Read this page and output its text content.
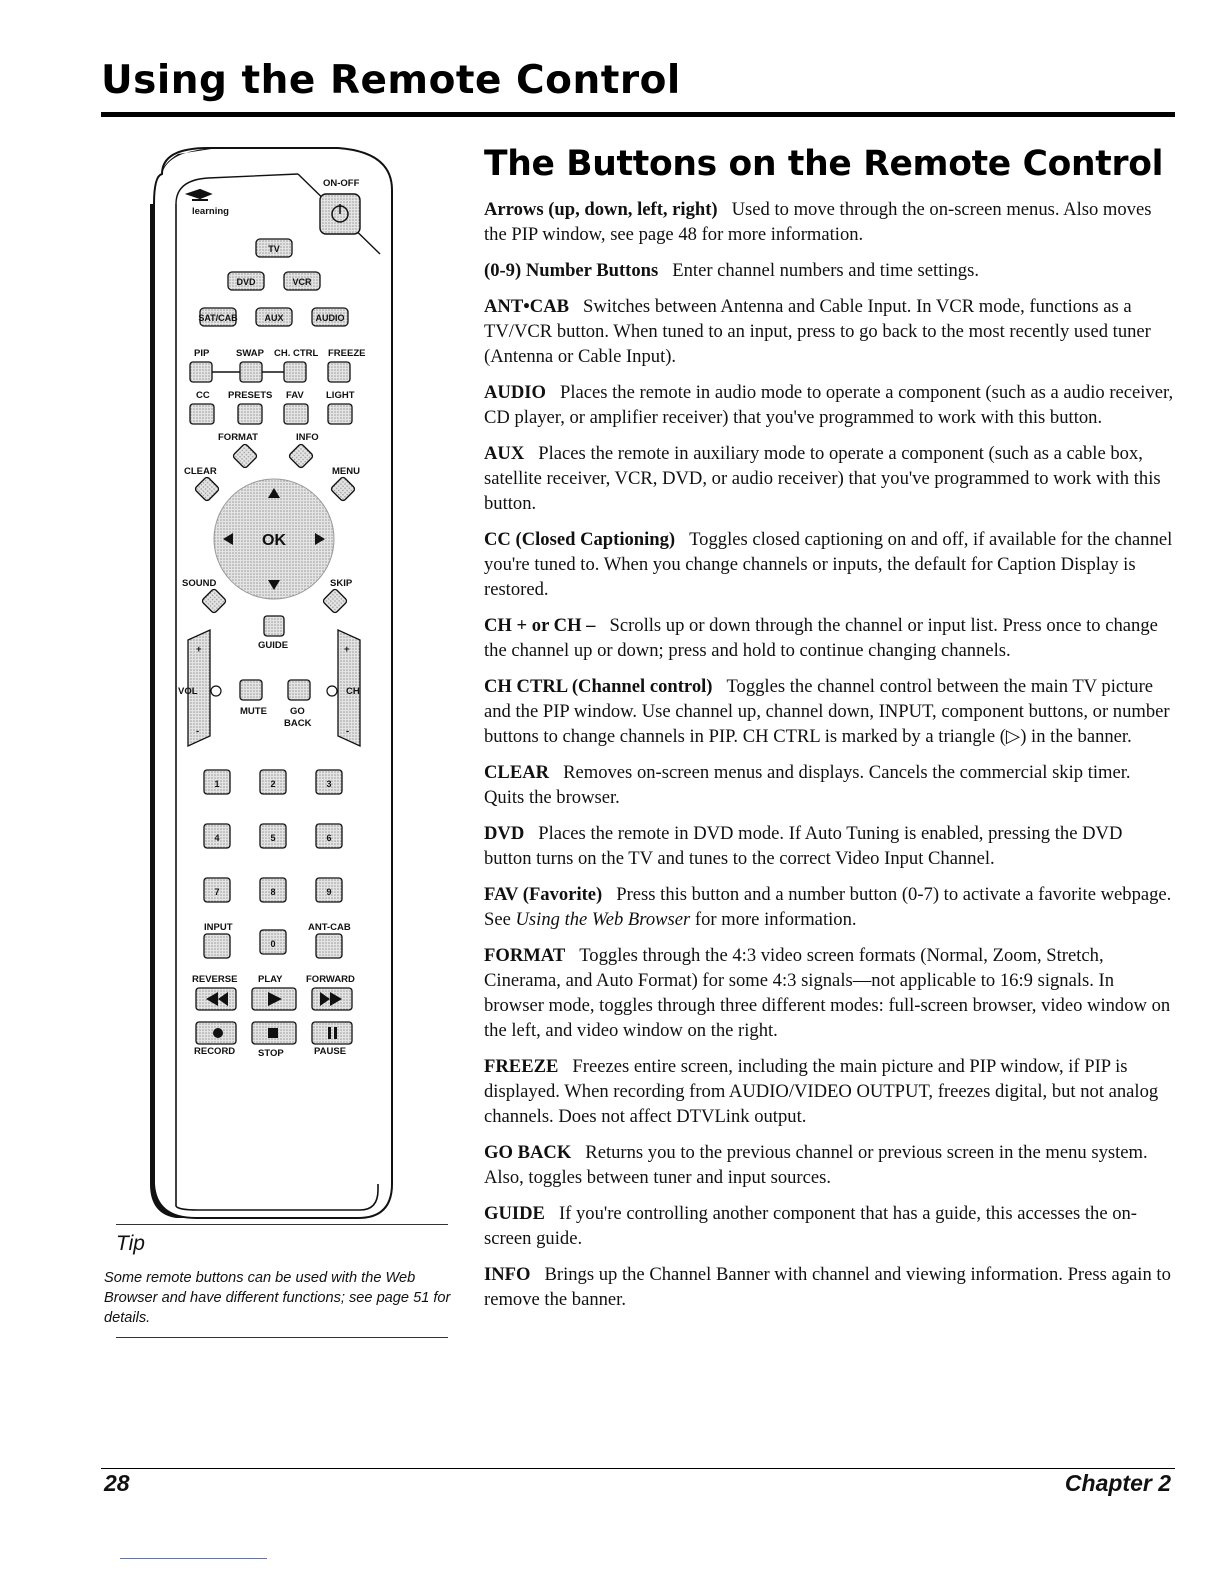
Using the Remote Control
learning
ON-OFF
TV
DVD	VCR
SAT/CAB	AUX	AUDIO
PIP	SWAP CH. CTRL FREEZE
CC PRESETS FAV LIGHT
FORMAT	INFO
CLEAR	MENU
OK
SOUND	SKIP
GUIDE
+
-
VOL
+
-
CH
MUTE GO
BACK
1	2	3
4	5	6
7	8	9
INPUT	ANT-CAB
0
REVERSE PLAY FORWARD
RECORD STOP	PAUSE
Tip
Some remote buttons can be used with the Web Browser and have different functions; see page 51 for details.
The Buttons on the Remote Control

Arrows (up, down, left, right) Used to move through the on-screen menus. Also moves the PIP window, see page 48 for more information.

(0-9) Number Buttons Enter channel numbers and time settings.

ANT•CAB Switches between Antenna and Cable Input. In VCR mode, functions as a TV/VCR button. When tuned to an input, press to go back to the most recently used tuner (Antenna or Cable Input).

AUDIO Places the remote in audio mode to operate a component (such as a audio receiver, CD player, or amplifier receiver) that you've programmed to work with this button.

AUX Places the remote in auxiliary mode to operate a component (such as a cable box, satellite receiver, VCR, DVD, or audio receiver) that you've programmed to work with this button.

CC (Closed Captioning) Toggles closed captioning on and off, if available for the channel you're tuned to. When you change channels or inputs, the default for Caption Display is restored.

CH + or CH – Scrolls up or down through the channel or input list. Press once to change the channel up or down; press and hold to continue changing channels.

CH CTRL (Channel control) Toggles the channel control between the main TV picture and the PIP window. Use channel up, channel down, INPUT, component buttons, or number buttons to change channels in PIP. CH CTRL is marked by a triangle (▷) in the banner.

CLEAR Removes on-screen menus and displays. Cancels the commercial skip timer. Quits the browser.

DVD Places the remote in DVD mode. If Auto Tuning is enabled, pressing the DVD button turns on the TV and tunes to the correct Video Input Channel.

FAV (Favorite) Press this button and a number button (0-7) to activate a favorite webpage. See Using the Web Browser for more information.

FORMAT Toggles through the 4:3 video screen formats (Normal, Zoom, Stretch, Cinerama, and Auto Format) for some 4:3 signals—not applicable to 16:9 signals. In browser mode, toggles through three different modes: full-screen browser, video window on the left, and video window on the right.

FREEZE Freezes entire screen, including the main picture and PIP window, if PIP is displayed. When recording from AUDIO/VIDEO OUTPUT, freezes digital, but not analog channels. Does not affect DTVLink output.

GO BACK Returns you to the previous channel or previous screen in the menu system. Also, toggles between tuner and input sources.

GUIDE If you're controlling another component that has a guide, this accesses the on-screen guide.

INFO Brings up the Channel Banner with channel and viewing information. Press again to remove the banner.

28	Chapter 2
